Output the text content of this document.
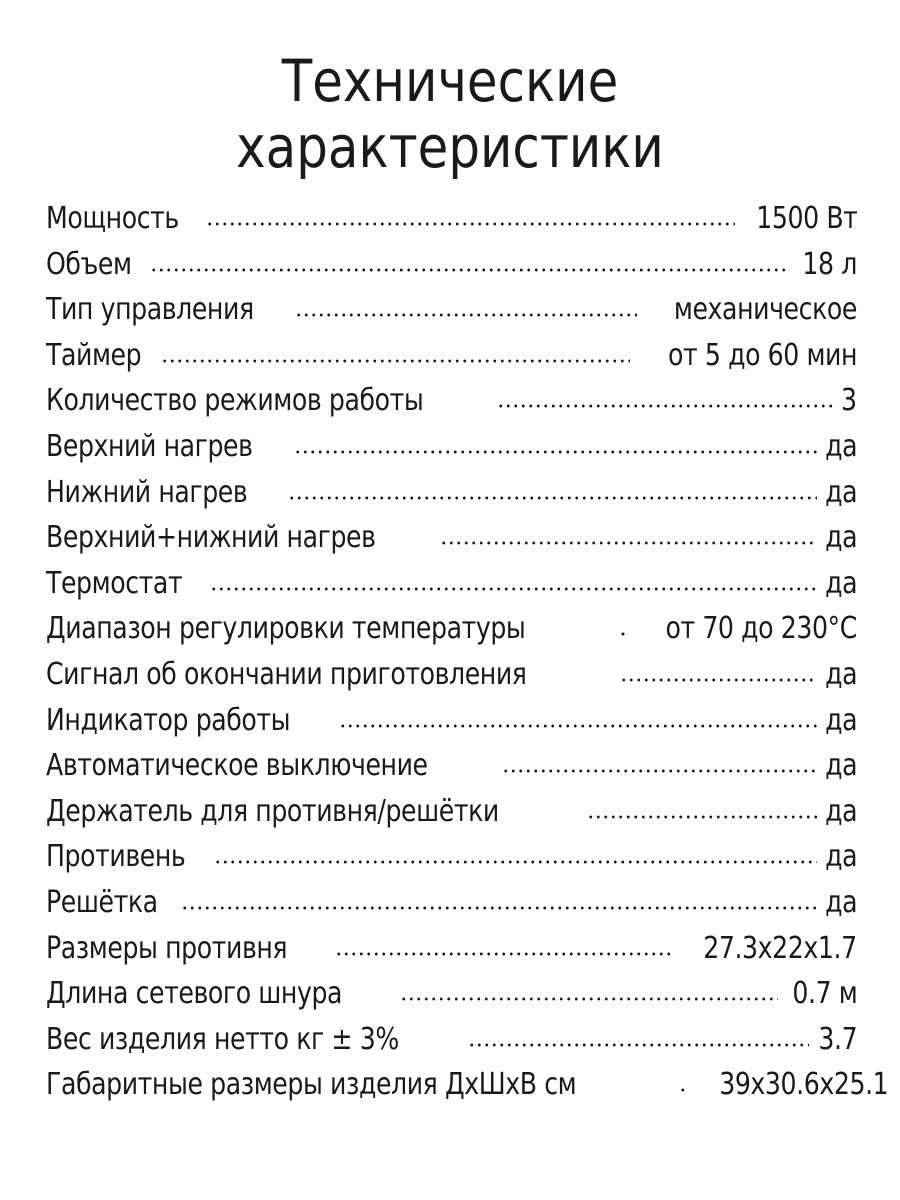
Технические
характеристики
Мощность	1500 Вт
Объем	18 л
Тип управления	механическое
Таймер	от 5 до 60 мин
Количество режимов работы	3
Верхний нагрев	да
Нижний нагрев	да
Верхний+нижний нагрев	да
Термостат	да
Диапазон регулировки температуры	от 70 до 230°С
Сигнал об окончании приготовления	да
Индикатор работы	да
Автоматическое выключение	да
Держатель для противня/решётки	да
Противень	да
Решётка	да
Размеры противня	27.3х22х1.7
Длина сетевого шнура	0.7 м
Вес изделия нетто кг ± 3%	3.7
Габаритные размеры изделия ДхШхВ см	39х30.6х25.1
